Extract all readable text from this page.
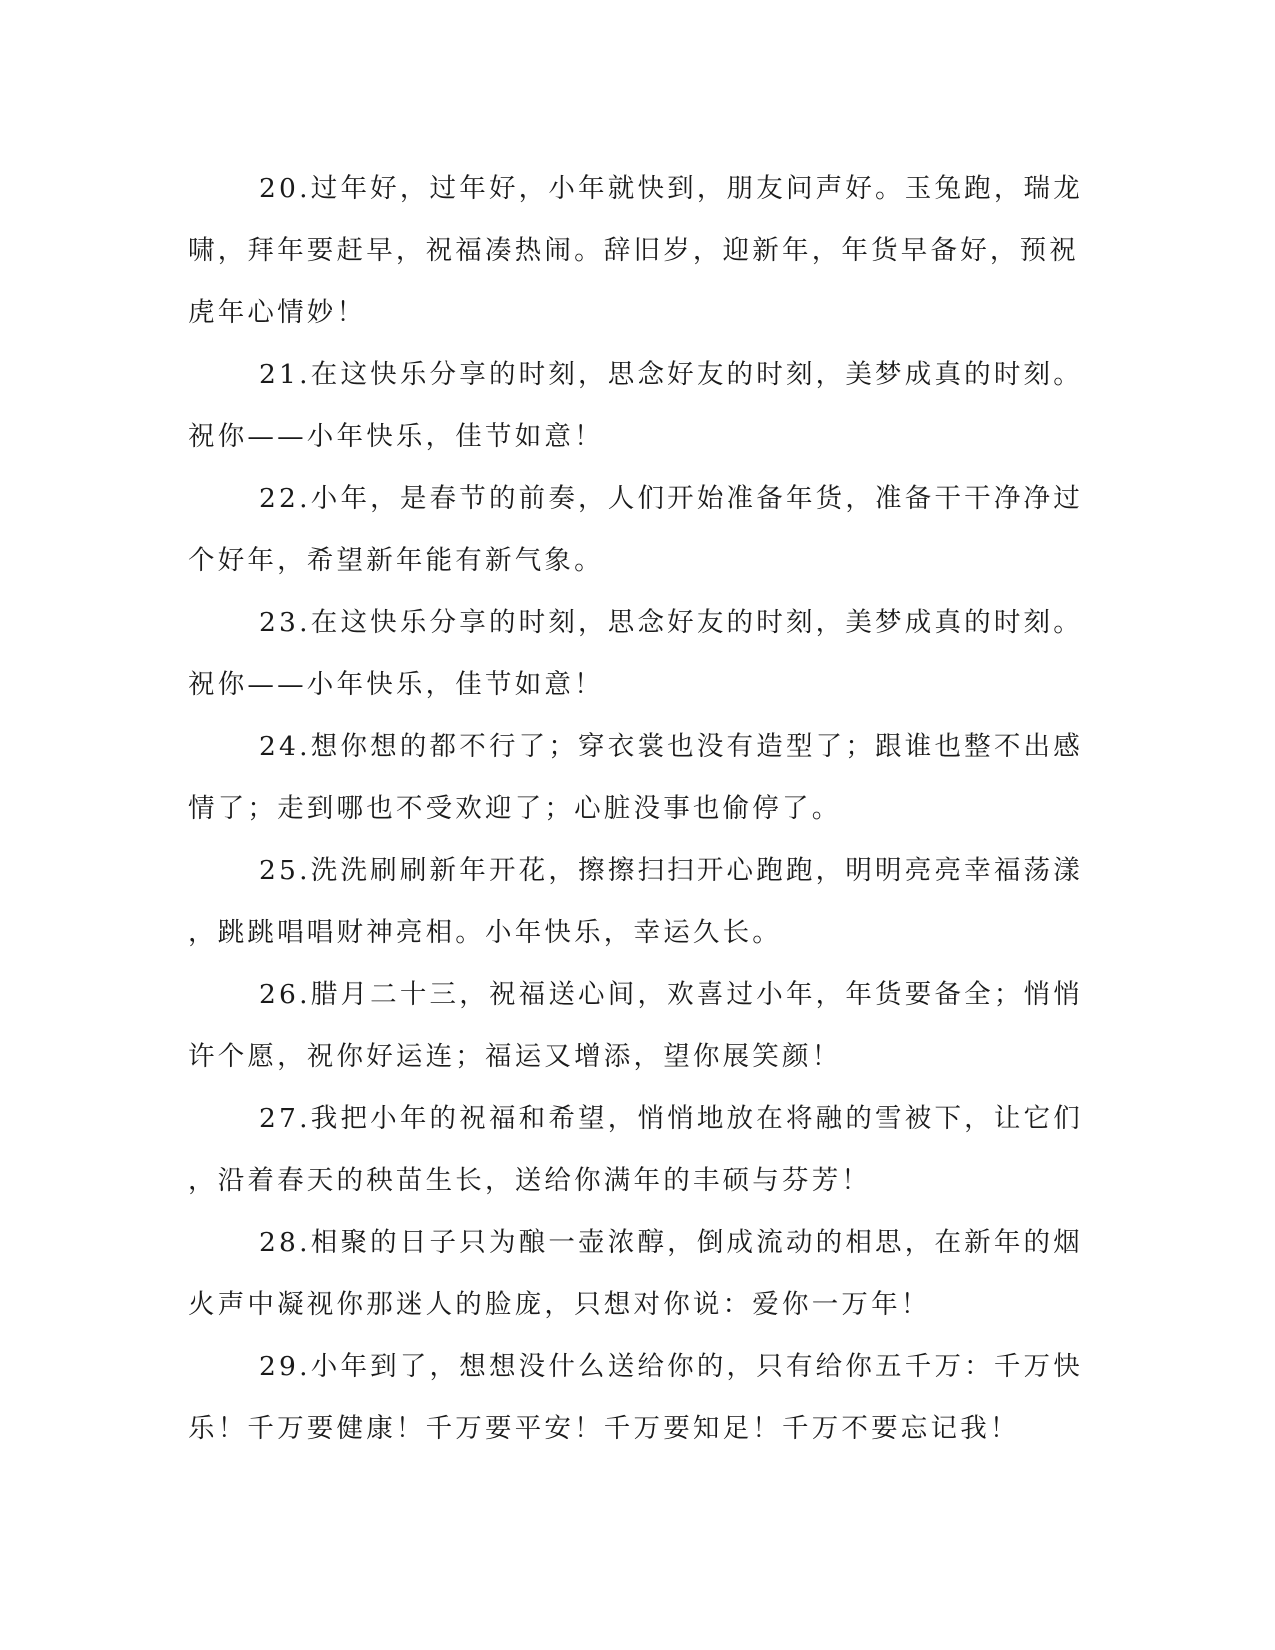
20.过年好，过年好，小年就快到，朋友问声好。玉兔跑，瑞龙啸，拜年要赶早，祝福凑热闹。辞旧岁，迎新年，年货早备好，预祝虎年心情妙！

21.在这快乐分享的时刻，思念好友的时刻，美梦成真的时刻。祝你——小年快乐，佳节如意！

22.小年，是春节的前奏，人们开始准备年货，准备干干净净过个好年，希望新年能有新气象。

23.在这快乐分享的时刻，思念好友的时刻，美梦成真的时刻。祝你——小年快乐，佳节如意！

24.想你想的都不行了；穿衣裳也没有造型了；跟谁也整不出感情了；走到哪也不受欢迎了；心脏没事也偷停了。

25.洗洗刷刷新年开花，擦擦扫扫开心跑跑，明明亮亮幸福荡漾，跳跳唱唱财神亮相。小年快乐，幸运久长。

26.腊月二十三，祝福送心间，欢喜过小年，年货要备全；悄悄许个愿，祝你好运连；福运又增添，望你展笑颜！

27.我把小年的祝福和希望，悄悄地放在将融的雪被下，让它们，沿着春天的秧苗生长，送给你满年的丰硕与芬芳！

28.相聚的日子只为酿一壶浓醇，倒成流动的相思，在新年的烟火声中凝视你那迷人的脸庞，只想对你说：爱你一万年！

29.小年到了，想想没什么送给你的，只有给你五千万：千万快乐！千万要健康！千万要平安！千万要知足！千万不要忘记我！
